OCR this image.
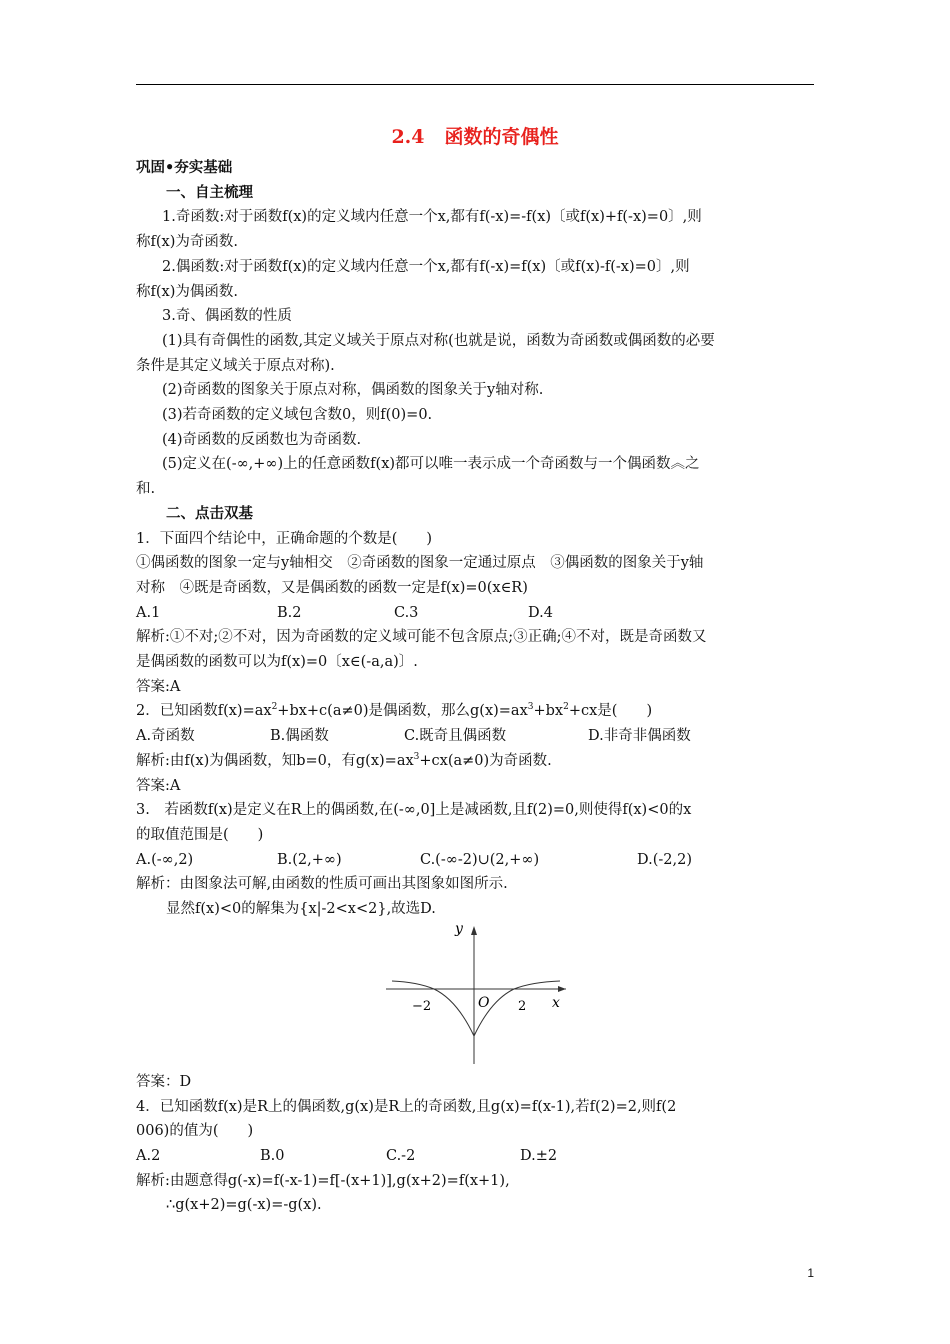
2.4 函数的奇偶性

巩固•夯实基础

一、自主梳理

1.奇函数:对于函数f(x)的定义域内任意一个x,都有f(-x)=-f(x)〔或f(x)+f(-x)=0〕,则

称f(x)为奇函数.

2.偶函数:对于函数f(x)的定义域内任意一个x,都有f(-x)=f(x)〔或f(x)-f(-x)=0〕,则

称f(x)为偶函数.

3.奇、偶函数的性质

(1)具有奇偶性的函数,其定义域关于原点对称(也就是说，函数为奇函数或偶函数的必要

条件是其定义域关于原点对称).

(2)奇函数的图象关于原点对称，偶函数的图象关于y轴对称.

(3)若奇函数的定义域包含数0，则f(0)=0.

(4)奇函数的反函数也为奇函数.

(5)定义在(-∞,+∞)上的任意函数f(x)都可以唯一表示成一个奇函数与一个偶函数︽之

和.

二、点击双基

1．下面四个结论中，正确命题的个数是(　　)

①偶函数的图象一定与y轴相交　②奇函数的图象一定通过原点　③偶函数的图象关于y轴

对称　④既是奇函数，又是偶函数的函数一定是f(x)=0(x∈R)

A.1	B.2	C.3	D.4

解析:①不对;②不对，因为奇函数的定义域可能不包含原点;③正确;④不对，既是奇函数又

是偶函数的函数可以为f(x)=0〔x∈(-a,a)〕.

答案:A

2．已知函数$f(x)=ax^2+bx+c(a\ne 0)$是偶函数，那么$g(x)=ax^3+bx^2+cx$是(　　)

A.奇函数	B.偶函数	C.既奇且偶函数	D.非奇非偶函数

解析:由f(x)为偶函数，知b=0，有$g(x)=ax^3+cx(a\ne 0)$为奇函数.

答案:A

3.　若函数f(x)是定义在R上的偶函数,在(-∞,0]上是减函数,且f(2)=0,则使得f(x)<0的x

的取值范围是(　　)

A.(-∞,2)	B.(2,+∞)	C.(-∞-2)∪(2,+∞)	D.(-2,2)

解析：由图象法可解,由函数的性质可画出其图象如图所示.

显然f(x)<0的解集为{x|-2<x<2},故选D.

y
x
O
−2	2

答案：D

4．已知函数f(x)是R上的偶函数,g(x)是R上的奇函数,且g(x)=f(x-1),若f(2)=2,则f(2

006)的值为(　　)

A.2	B.0	C.-2	D.±2

解析:由题意得g(-x)=f(-x-1)=f[-(x+1)],g(x+2)=f(x+1),

∴g(x+2)=g(-x)=-g(x).

1
